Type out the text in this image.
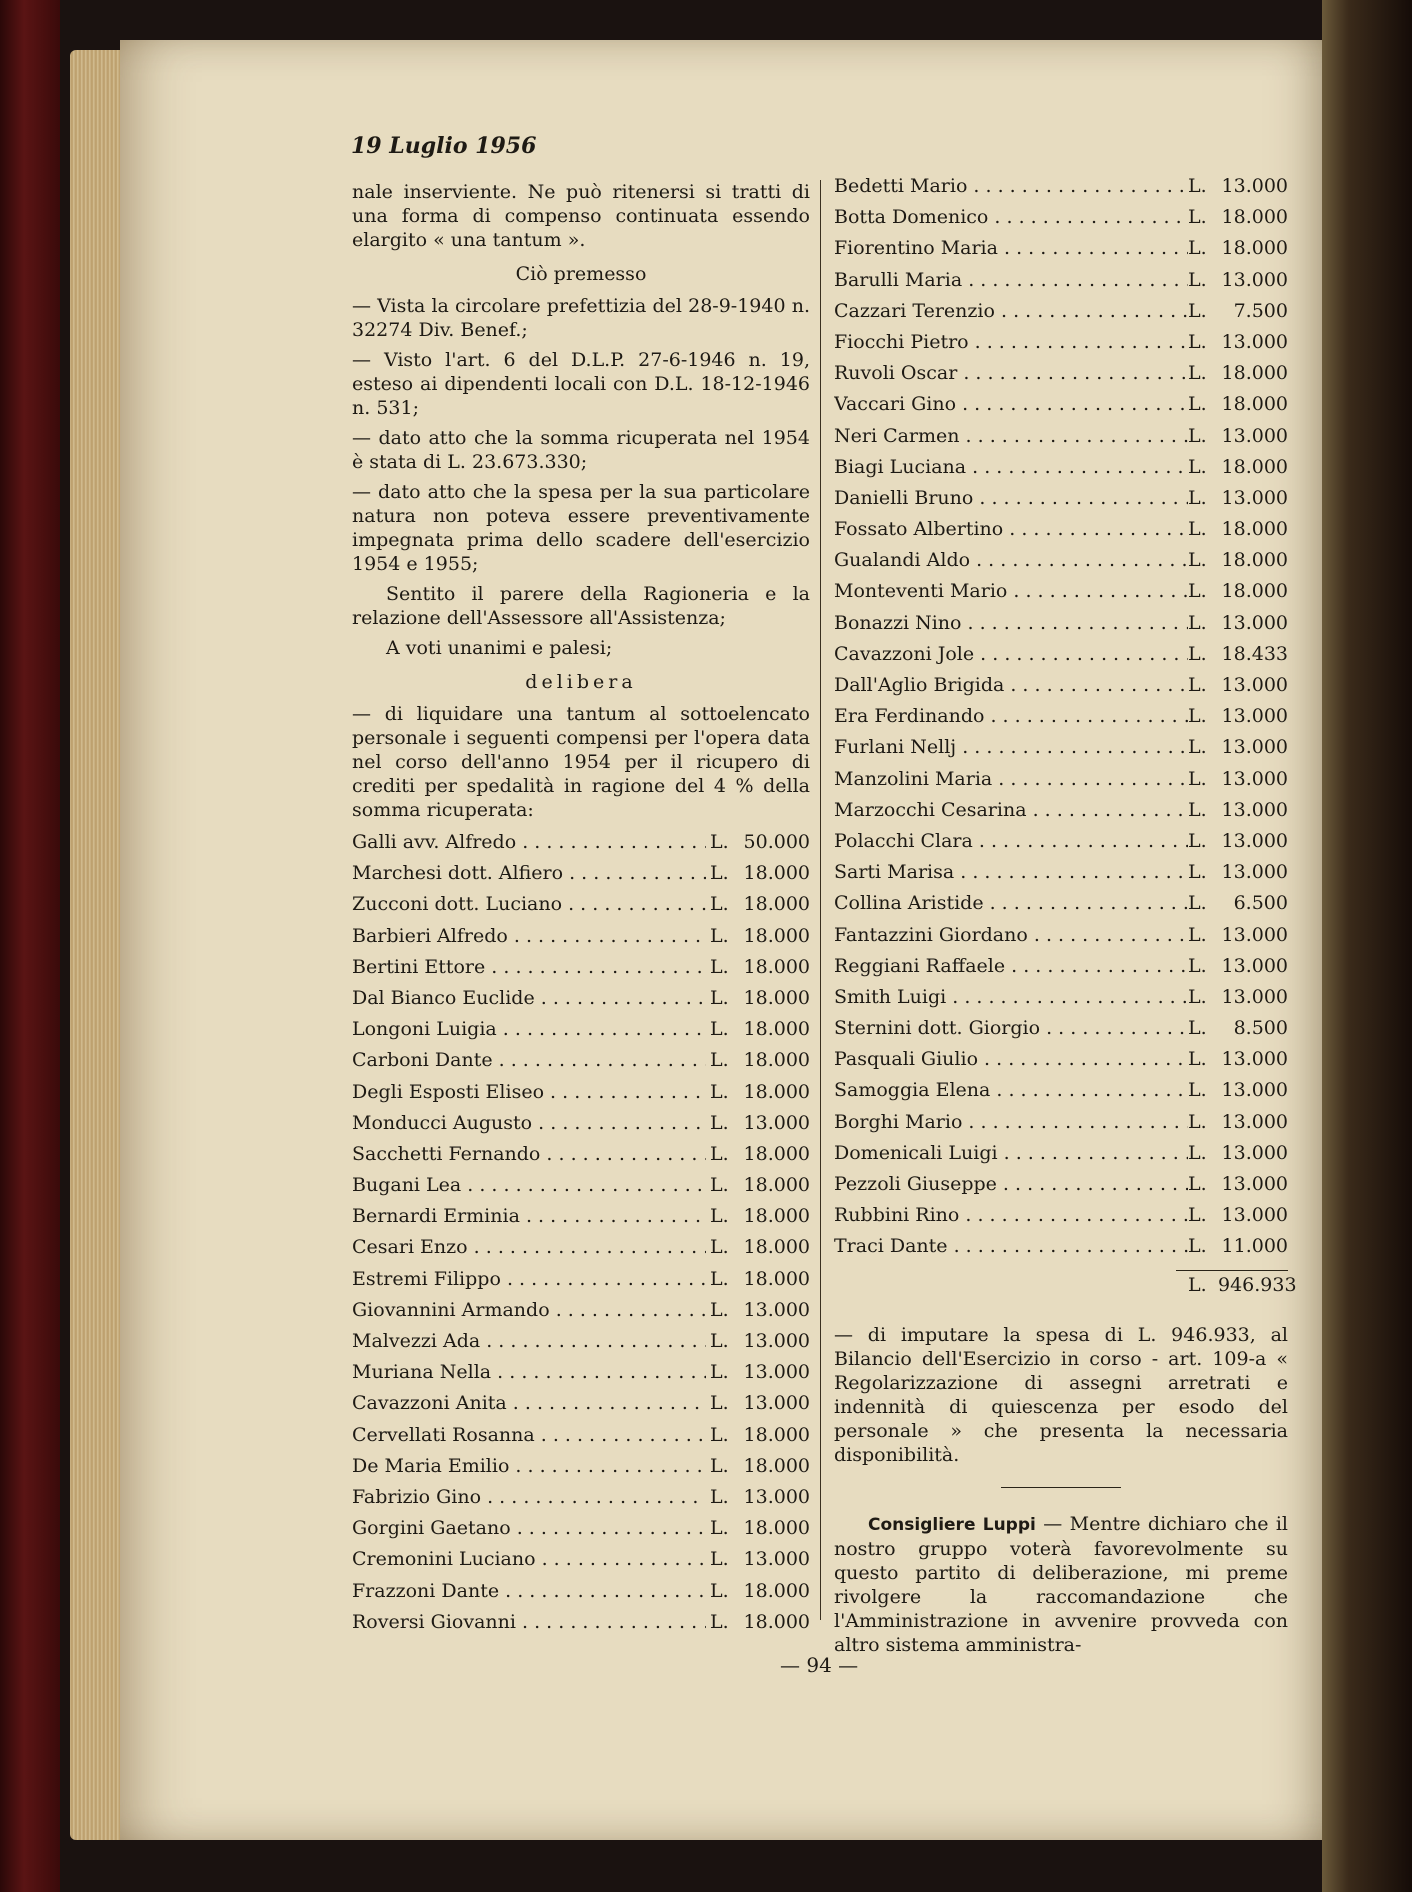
19 Luglio 1956

nale inserviente. Ne può ritenersi si tratti di una forma di compenso continuata essendo elargito « una tantum ».

Ciò premesso

— Vista la circolare prefettizia del 28-9-1940 n. 32274 Div. Benef.;

— Visto l'art. 6 del D.L.P. 27-6-1946 n. 19, esteso ai dipendenti locali con D.L. 18-12-1946 n. 531;

— dato atto che la somma ricuperata nel 1954 è stata di L. 23.673.330;

— dato atto che la spesa per la sua particolare natura non poteva essere preventivamente impegnata prima dello scadere dell'esercizio 1954 e 1955;

Sentito il parere della Ragioneria e la relazione dell'Assessore all'Assistenza;

A voti unanimi e palesi;

delibera

— di liquidare una tantum al sottoelencato personale i seguenti compensi per l'opera data nel corso dell'anno 1954 per il ricupero di crediti per spedalità in ragione del 4 % della somma ricuperata:

Galli avv. Alfredo . . .	L. 50.000
Marchesi dott. Alfiero . . .	L. 18.000
Zucconi dott. Luciano . . .	L. 18.000
Barbieri Alfredo . . .	L. 18.000
Bertini Ettore . . .	L. 18.000
Dal Bianco Euclide . . .	L. 18.000
Longoni Luigia . . .	L. 18.000
Carboni Dante . . .	L. 18.000
Degli Esposti Eliseo . . .	L. 18.000
Monducci Augusto . . .	L. 13.000
Sacchetti Fernando . . .	L. 18.000
Bugani Lea . . .	L. 18.000
Bernardi Erminia . . .	L. 18.000
Cesari Enzo . . .	L. 18.000
Estremi Filippo . . .	L. 18.000
Giovannini Armando . . .	L. 13.000
Malvezzi Ada . . .	L. 13.000
Muriana Nella . . .	L. 13.000
Cavazzoni Anita . . .	L. 13.000
Cervellati Rosanna . . .	L. 18.000
De Maria Emilio . . .	L. 18.000
Fabrizio Gino . . .	L. 13.000
Gorgini Gaetano . . .	L. 18.000
Cremonini Luciano . . .	L. 13.000
Frazzoni Dante . . .	L. 18.000
Roversi Giovanni . . .	L. 18.000
Bedetti Mario . . .	L. 13.000
Botta Domenico . . .	L. 18.000
Fiorentino Maria . . .	L. 18.000
Barulli Maria . . .	L. 13.000
Cazzari Terenzio . . .	L.	7.500
Fiocchi Pietro . . .	L. 13.000
Ruvoli Oscar . . .	L. 18.000
Vaccari Gino . . .	L. 18.000
Neri Carmen . . .	L. 13.000
Biagi Luciana . . .	L. 18.000
Danielli Bruno . . .	L. 13.000
Fossato Albertino . . .	L. 18.000
Gualandi Aldo . . .	L. 18.000
Monteventi Mario . . .	L. 18.000
Bonazzi Nino . . .	L. 13.000
Cavazzoni Jole . . .	L. 18.433
Dall'Aglio Brigida . . .	L. 13.000
Era Ferdinando . . .	L. 13.000
Furlani Nellj . . .	L. 13.000
Manzolini Maria . . .	L. 13.000
Marzocchi Cesarina . . .	L. 13.000
Polacchi Clara . . .	L. 13.000
Sarti Marisa . . .	L. 13.000
Collina Aristide . . .	L.	6.500
Fantazzini Giordano . . .	L. 13.000
Reggiani Raffaele . . .	L. 13.000
Smith Luigi . . .	L. 13.000
Sternini dott. Giorgio . . .	L.	8.500
Pasquali Giulio . . .	L. 13.000
Samoggia Elena . . .	L. 13.000
Borghi Mario . . .	L. 13.000
Domenicali Luigi . . .	L. 13.000
Pezzoli Giuseppe . . .	L. 13.000
Rubbini Rino . . .	L. 13.000
Traci Dante . . .	L. 11.000
L. 946.933

— di imputare la spesa di L. 946.933, al Bilancio dell'Esercizio in corso - art. 109-a « Regolarizzazione di assegni arretrati e indennità di quiescenza per esodo del personale » che presenta la necessaria disponibilità.

Consigliere Luppi — Mentre dichiaro che il nostro gruppo voterà favorevolmente su questo partito di deliberazione, mi preme rivolgere la raccomandazione che l'Amministrazione in avvenire provveda con altro sistema amministra-

— 94 —
